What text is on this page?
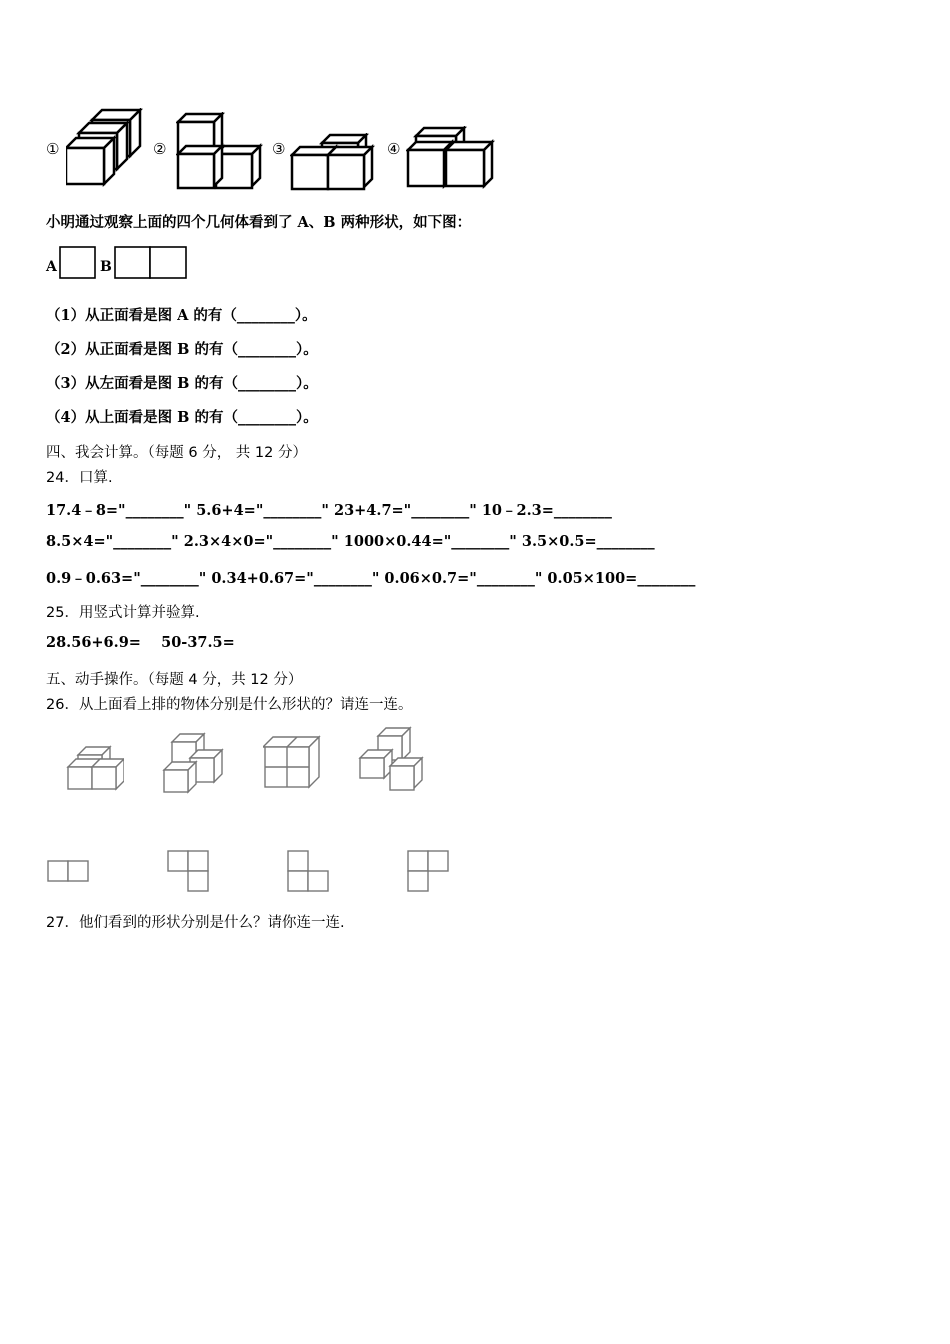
①	②	③	④
小明通过观察上面的四个几何体看到了 A、B 两种形状，如下图：
A	B
（1）从正面看是图 A 的有（________）。
（2）从正面看是图 B 的有（________）。
（3）从左面看是图 B 的有（________）。
（4）从上面看是图 B 的有（________）。
四、我会计算。（每题 6 分， 共 12 分）
24．口算.
17.4﹣8="________" 5.6+4="________" 23+4.7="________" 10﹣2.3=________
8.5×4="________" 2.3×4×0="________" 1000×0.44="________" 3.5×0.5=________
0.9﹣0.63="________" 0.34+0.67="________" 0.06×0.7="________" 0.05×100=________
25．用竖式计算并验算.
28.56+6.9=    50-37.5=
五、动手操作。（每题 4 分，共 12 分）
26．从上面看上排的物体分别是什么形状的？请连一连。
27．他们看到的形状分别是什么？请你连一连.
